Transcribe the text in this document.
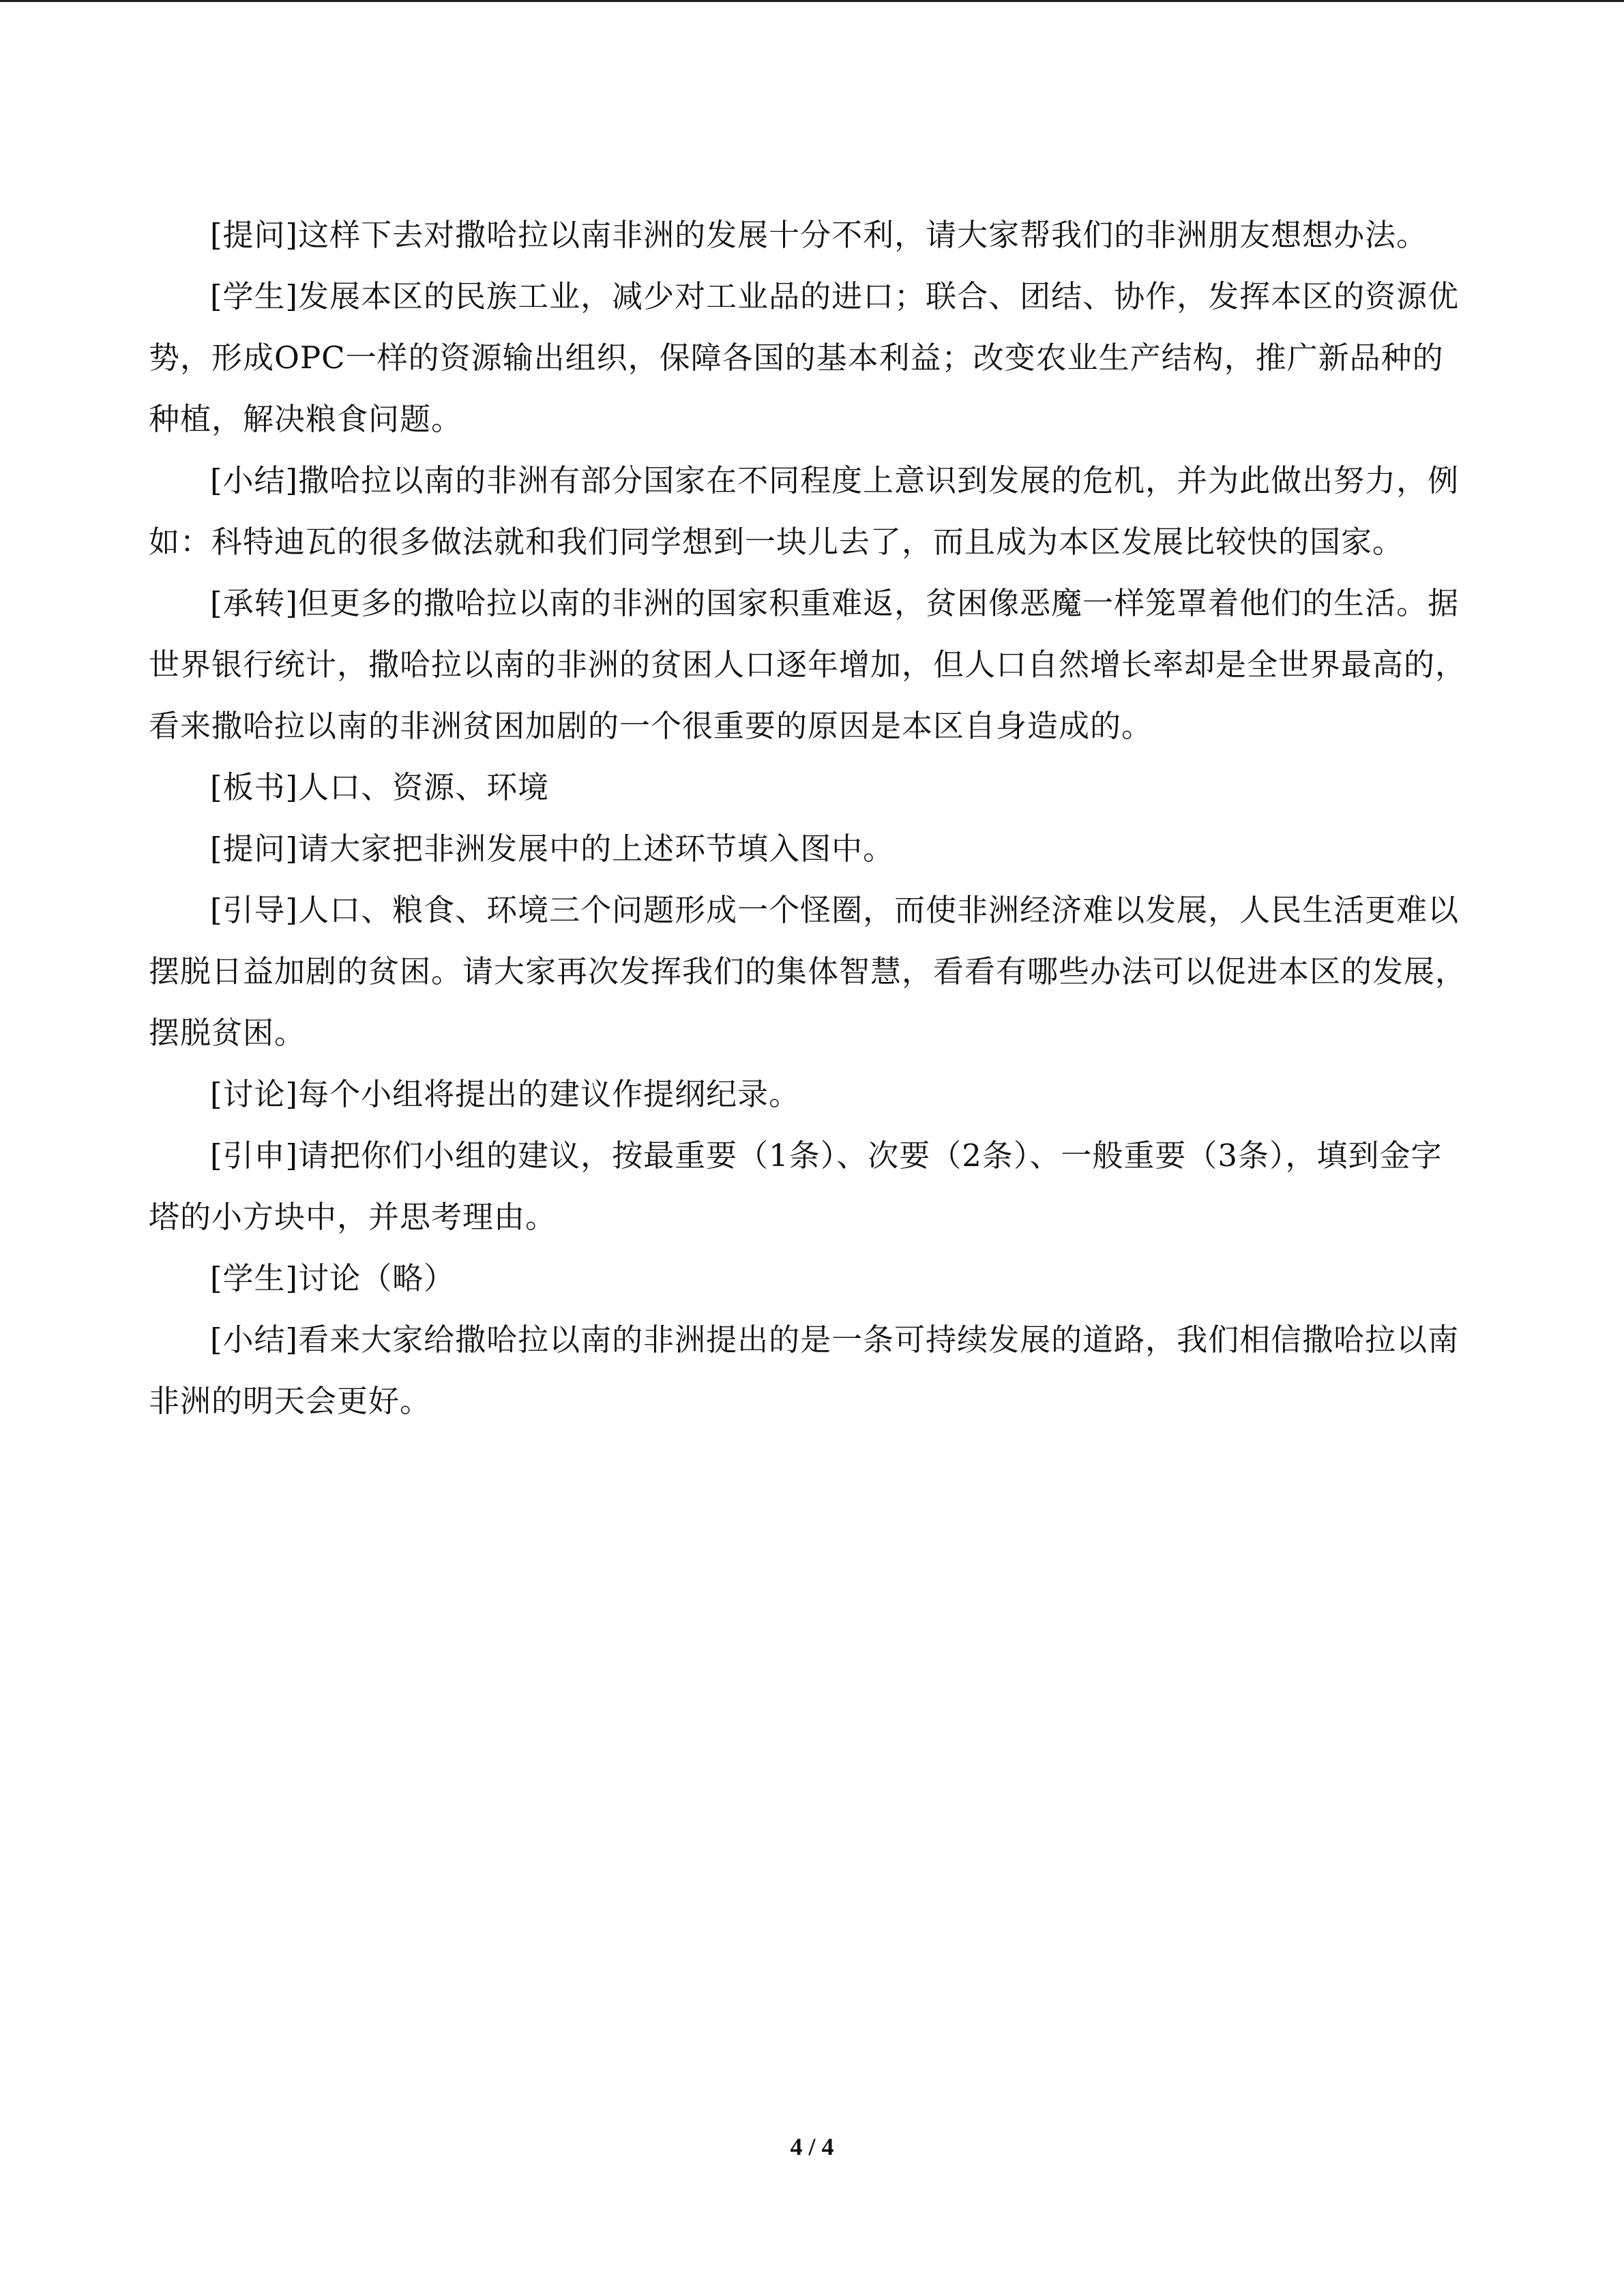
[提问]这样下去对撒哈拉以南非洲的发展十分不利，请大家帮我们的非洲朋友想想办法。

[学生]发展本区的民族工业，减少对工业品的进口；联合、团结、协作，发挥本区的资源优势，形成OPC一样的资源输出组织，保障各国的基本利益；改变农业生产结构，推广新品种的种植，解决粮食问题。

[小结]撒哈拉以南的非洲有部分国家在不同程度上意识到发展的危机，并为此做出努力，例如：科特迪瓦的很多做法就和我们同学想到一块儿去了，而且成为本区发展比较快的国家。

[承转]但更多的撒哈拉以南的非洲的国家积重难返，贫困像恶魔一样笼罩着他们的生活。据世界银行统计，撒哈拉以南的非洲的贫困人口逐年增加，但人口自然增长率却是全世界最高的，看来撒哈拉以南的非洲贫困加剧的一个很重要的原因是本区自身造成的。

[板书]人口、资源、环境

[提问]请大家把非洲发展中的上述环节填入图中。

[引导]人口、粮食、环境三个问题形成一个怪圈，而使非洲经济难以发展，人民生活更难以摆脱日益加剧的贫困。请大家再次发挥我们的集体智慧，看看有哪些办法可以促进本区的发展，摆脱贫困。

[讨论]每个小组将提出的建议作提纲纪录。

[引申]请把你们小组的建议，按最重要（1条）、次要（2条）、一般重要（3条），填到金字塔的小方块中，并思考理由。

[学生]讨论（略）

[小结]看来大家给撒哈拉以南的非洲提出的是一条可持续发展的道路，我们相信撒哈拉以南非洲的明天会更好。

4 / 4
